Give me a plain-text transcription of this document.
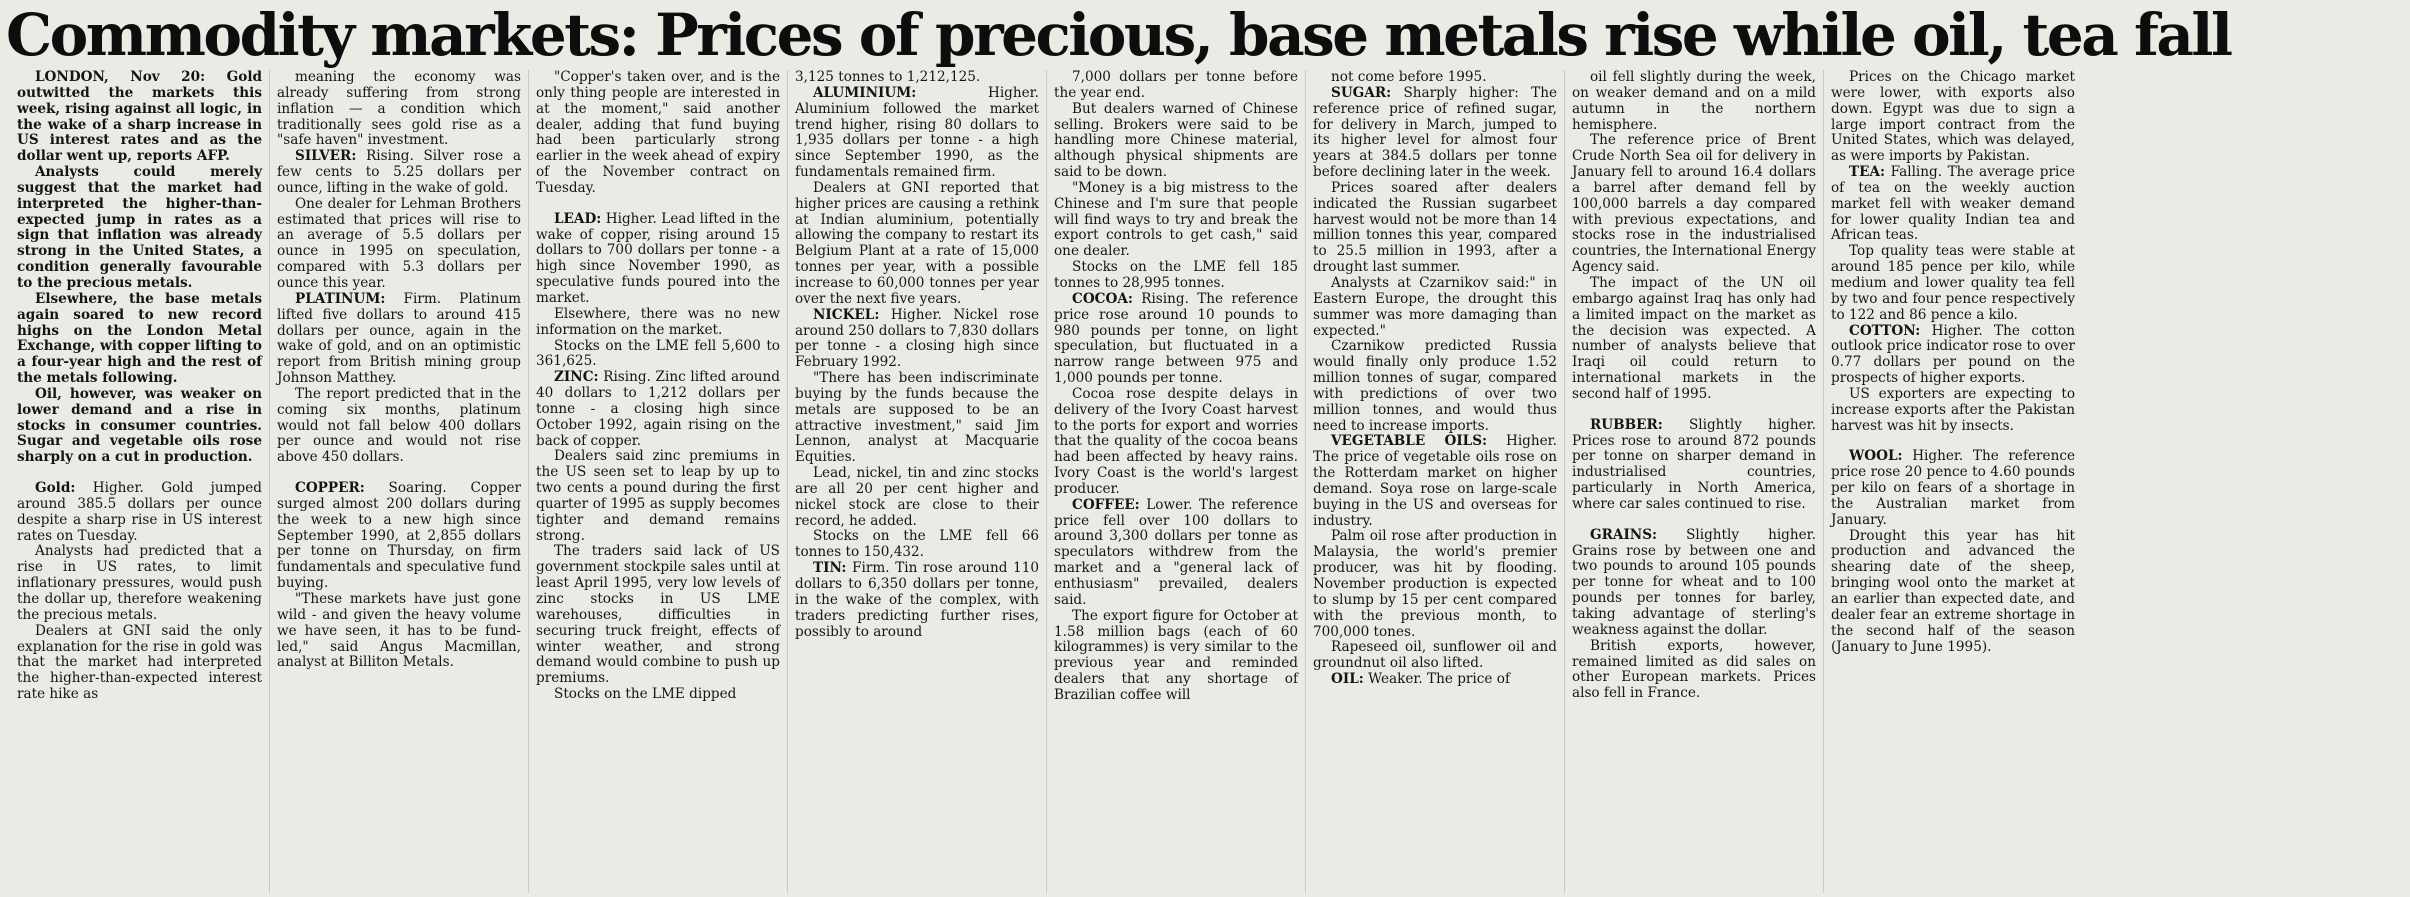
Commodity markets: Prices of precious, base metals rise while oil, tea fall

LONDON, Nov 20: Gold outwitted the markets this week, rising against all logic, in the wake of a sharp increase in US interest rates and as the dollar went up, reports AFP.

Analysts could merely suggest that the market had interpreted the higher-than-expected jump in rates as a sign that inflation was already strong in the United States, a condition generally favourable to the precious metals.

Elsewhere, the base metals again soared to new record highs on the London Metal Exchange, with copper lifting to a four-year high and the rest of the metals following.

Oil, however, was weaker on lower demand and a rise in stocks in consumer countries. Sugar and vegetable oils rose sharply on a cut in production.

Gold: Higher. Gold jumped around 385.5 dollars per ounce despite a sharp rise in US interest rates on Tuesday.

Analysts had predicted that a rise in US rates, to limit inflationary pressures, would push the dollar up, therefore weakening the precious metals.

Dealers at GNI said the only explanation for the rise in gold was that the market had interpreted the higher-than-expected interest rate hike as

meaning the economy was already suffering from strong inflation — a condition which traditionally sees gold rise as a "safe haven" investment.

SILVER: Rising. Silver rose a few cents to 5.25 dollars per ounce, lifting in the wake of gold.

One dealer for Lehman Brothers estimated that prices will rise to an average of 5.5 dollars per ounce in 1995 on speculation, compared with 5.3 dollars per ounce this year.

PLATINUM: Firm. Platinum lifted five dollars to around 415 dollars per ounce, again in the wake of gold, and on an optimistic report from British mining group Johnson Matthey.

The report predicted that in the coming six months, platinum would not fall below 400 dollars per ounce and would not rise above 450 dollars.

COPPER: Soaring. Copper surged almost 200 dollars during the week to a new high since September 1990, at 2,855 dollars per tonne on Thursday, on firm fundamentals and speculative fund buying.

"These markets have just gone wild - and given the heavy volume we have seen, it has to be fund-led," said Angus Macmillan, analyst at Billiton Metals.

"Copper's taken over, and is the only thing people are interested in at the moment," said another dealer, adding that fund buying had been particularly strong earlier in the week ahead of expiry of the November contract on Tuesday.

LEAD: Higher. Lead lifted in the wake of copper, rising around 15 dollars to 700 dollars per tonne - a high since November 1990, as speculative funds poured into the market.

Elsewhere, there was no new information on the market.

Stocks on the LME fell 5,600 to 361,625.

ZINC: Rising. Zinc lifted around 40 dollars to 1,212 dollars per tonne - a closing high since October 1992, again rising on the back of copper.

Dealers said zinc premiums in the US seen set to leap by up to two cents a pound during the first quarter of 1995 as supply becomes tighter and demand remains strong.

The traders said lack of US government stockpile sales until at least April 1995, very low levels of zinc stocks in US LME warehouses, difficulties in securing truck freight, effects of winter weather, and strong demand would combine to push up premiums.

Stocks on the LME dipped

3,125 tonnes to 1,212,125.

ALUMINIUM: Higher. Aluminium followed the market trend higher, rising 80 dollars to 1,935 dollars per tonne - a high since September 1990, as the fundamentals remained firm.

Dealers at GNI reported that higher prices are causing a rethink at Indian aluminium, potentially allowing the company to restart its Belgium Plant at a rate of 15,000 tonnes per year, with a possible increase to 60,000 tonnes per year over the next five years.

NICKEL: Higher. Nickel rose around 250 dollars to 7,830 dollars per tonne - a closing high since February 1992.

"There has been indiscriminate buying by the funds because the metals are supposed to be an attractive investment," said Jim Lennon, analyst at Macquarie Equities.

Lead, nickel, tin and zinc stocks are all 20 per cent higher and nickel stock are close to their record, he added.

Stocks on the LME fell 66 tonnes to 150,432.

TIN: Firm. Tin rose around 110 dollars to 6,350 dollars per tonne, in the wake of the complex, with traders predicting further rises, possibly to around

7,000 dollars per tonne before the year end.

But dealers warned of Chinese selling. Brokers were said to be handling more Chinese material, although physical shipments are said to be down.

"Money is a big mistress to the Chinese and I'm sure that people will find ways to try and break the export controls to get cash," said one dealer.

Stocks on the LME fell 185 tonnes to 28,995 tonnes.

COCOA: Rising. The reference price rose around 10 pounds to 980 pounds per tonne, on light speculation, but fluctuated in a narrow range between 975 and 1,000 pounds per tonne.

Cocoa rose despite delays in delivery of the Ivory Coast harvest to the ports for export and worries that the quality of the cocoa beans had been affected by heavy rains. Ivory Coast is the world's largest producer.

COFFEE: Lower. The reference price fell over 100 dollars to around 3,300 dollars per tonne as speculators withdrew from the market and a "general lack of enthusiasm" prevailed, dealers said.

The export figure for October at 1.58 million bags (each of 60 kilogrammes) is very similar to the previous year and reminded dealers that any shortage of Brazilian coffee will

not come before 1995.

SUGAR: Sharply higher: The reference price of refined sugar, for delivery in March, jumped to its higher level for almost four years at 384.5 dollars per tonne before declining later in the week.

Prices soared after dealers indicated the Russian sugarbeet harvest would not be more than 14 million tonnes this year, compared to 25.5 million in 1993, after a drought last summer.

Analysts at Czarnikov said:" in Eastern Europe, the drought this summer was more damaging than expected."

Czarnikow predicted Russia would finally only produce 1.52 million tonnes of sugar, compared with predictions of over two million tonnes, and would thus need to increase imports.

VEGETABLE OILS: Higher. The price of vegetable oils rose on the Rotterdam market on higher demand. Soya rose on large-scale buying in the US and overseas for industry.

Palm oil rose after production in Malaysia, the world's premier producer, was hit by flooding. November production is expected to slump by 15 per cent compared with the previous month, to 700,000 tones.

Rapeseed oil, sunflower oil and groundnut oil also lifted.

OIL: Weaker. The price of

oil fell slightly during the week, on weaker demand and on a mild autumn in the northern hemisphere.

The reference price of Brent Crude North Sea oil for delivery in January fell to around 16.4 dollars a barrel after demand fell by 100,000 barrels a day compared with previous expectations, and stocks rose in the industrialised countries, the International Energy Agency said.

The impact of the UN oil embargo against Iraq has only had a limited impact on the market as the decision was expected. A number of analysts believe that Iraqi oil could return to international markets in the second half of 1995.

RUBBER: Slightly higher. Prices rose to around 872 pounds per tonne on sharper demand in industrialised countries, particularly in North America, where car sales continued to rise.

GRAINS: Slightly higher. Grains rose by between one and two pounds to around 105 pounds per tonne for wheat and to 100 pounds per tonnes for barley, taking advantage of sterling's weakness against the dollar.

British exports, however, remained limited as did sales on other European markets. Prices also fell in France.

Prices on the Chicago market were lower, with exports also down. Egypt was due to sign a large import contract from the United States, which was delayed, as were imports by Pakistan.

TEA: Falling. The average price of tea on the weekly auction market fell with weaker demand for lower quality Indian tea and African teas.

Top quality teas were stable at around 185 pence per kilo, while medium and lower quality tea fell by two and four pence respectively to 122 and 86 pence a kilo.

COTTON: Higher. The cotton outlook price indicator rose to over 0.77 dollars per pound on the prospects of higher exports.

US exporters are expecting to increase exports after the Pakistan harvest was hit by insects.

WOOL: Higher. The reference price rose 20 pence to 4.60 pounds per kilo on fears of a shortage in the Australian market from January.

Drought this year has hit production and advanced the shearing date of the sheep, bringing wool onto the market at an earlier than expected date, and dealer fear an extreme shortage in the second half of the season (January to June 1995).
